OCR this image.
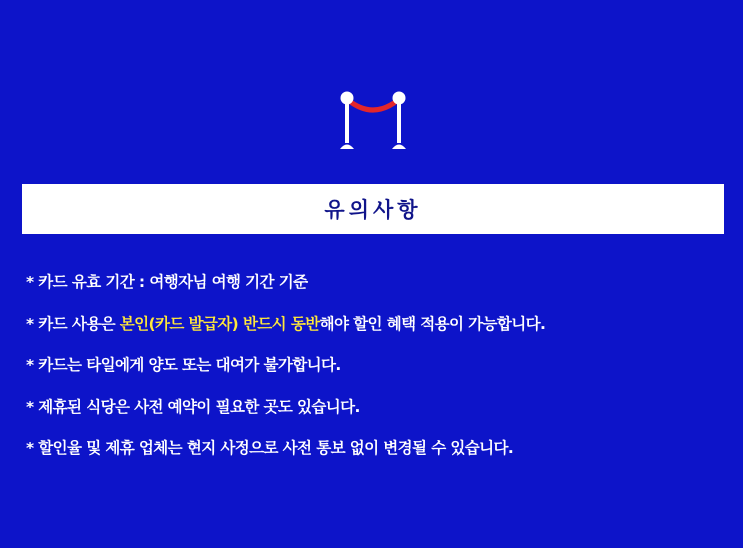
유의사항
* 카드 유효 기간 : 여행자님 여행 기간 기준
* 카드 사용은 본인(카드 발급자) 반드시 동반해야 할인 혜택 적용이 가능합니다.
* 카드는 타일에게 양도 또는 대여가 불가합니다.
* 제휴된 식당은 사전 예약이 필요한 곳도 있습니다.
* 할인율 및 제휴 업체는 현지 사정으로 사전 통보 없이 변경될 수 있습니다.
